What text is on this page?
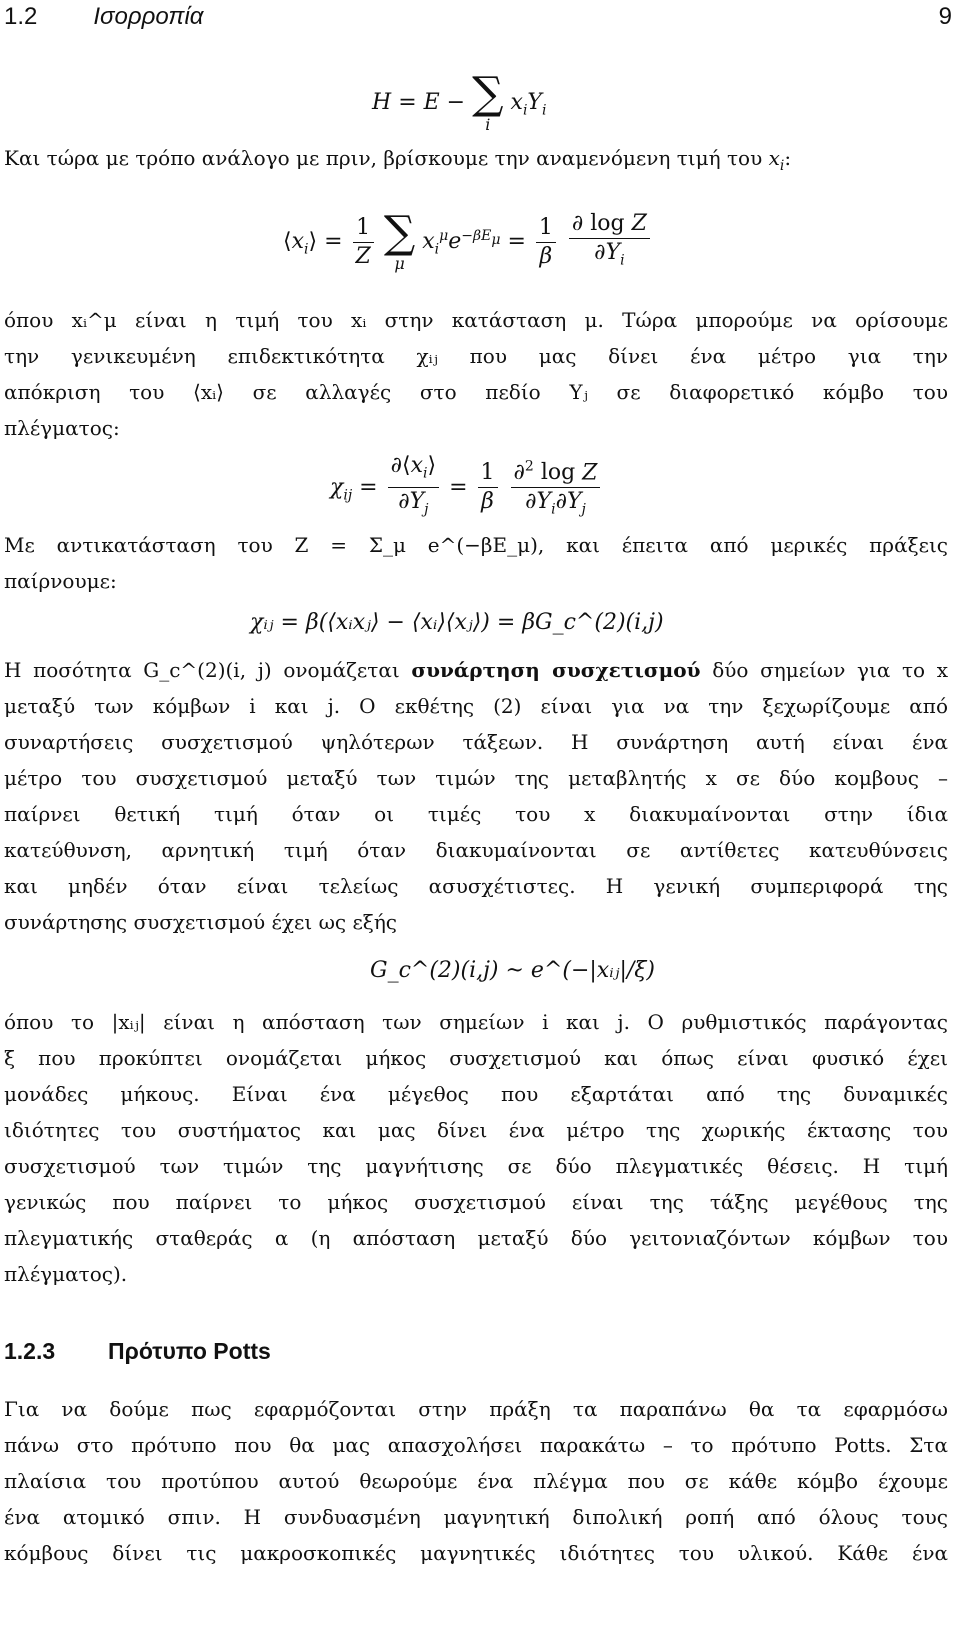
1.2 Ισορροπία	9
H = E − ∑
i
$x_iY_i$

Και τώρα με τρόπο ανάλογο με πριν, βρίσκουμε την αναμενόμενη τιμή του $x_i$:

$⟨x_i⟩ = \frac{1}{Z}$
∑
μ
$x_i^\mu e^{-\beta E_\mu} = \frac{1}{\beta}$
$\frac{\text{∂ log Z}}{\partial Y_i}$
όπου xᵢ^μ είναι η τιμή του xᵢ στην κατάσταση μ. Τώρα μπορούμε να ορίσουμε
την γενικευμένη επιδεκτικότητα χᵢⱼ που μας δίνει ένα μέτρο για την
απόκριση του ⟨xᵢ⟩ σε αλλαγές στο πεδίο Yⱼ σε διαφορετικό κόμβο του
πλέγματος:
$\chi_{ij} = \frac{\partial⟨x_i⟩}{\partial Y_j} = \frac{1}{\beta}$
$\frac{\partial^2 \log Z}{\partial Y_i\partial Y_j}$
Με αντικατάσταση του Z = Σ_μ e^(−βE_μ), και έπειτα από μερικές πράξεις
παίρνουμε:
χᵢⱼ = β(⟨xᵢxⱼ⟩ − ⟨xᵢ⟩⟨xⱼ⟩) = βG_c^(2)(i,j)
Η ποσότητα G_c^(2)(i, j) ονομάζεται συνάρτηση συσχετισμού δύο σημείων για το x
μεταξύ των κόμβων i και j. Ο εκθέτης (2) είναι για να την ξεχωρίζουμε από
συναρτήσεις συσχετισμού ψηλότερων τάξεων. Η συνάρτηση αυτή είναι ένα
μέτρο του συσχετισμού μεταξύ των τιμών της μεταβλητής x σε δύο κομβους –
παίρνει θετική τιμή όταν οι τιμές του x διακυμαίνονται στην ίδια
κατεύθυνση, αρνητική τιμή όταν διακυμαίνονται σε αντίθετες κατευθύνσεις
και μηδέν όταν είναι τελείως ασυσχέτιστες. Η γενική συμπεριφορά της
συνάρτησης συσχετισμού έχει ως εξής
G_c^(2)(i,j) ~ e^(−|xᵢⱼ|/ξ)
όπου το |xᵢⱼ| είναι η απόσταση των σημείων i και j. Ο ρυθμιστικός παράγοντας
ξ που προκύπτει ονομάζεται μήκος συσχετισμού και όπως είναι φυσικό έχει
μονάδες μήκους. Είναι ένα μέγεθος που εξαρτάται από της δυναμικές
ιδιότητες του συστήματος και μας δίνει ένα μέτρο της χωρικής έκτασης του
συσχετισμού των τιμών της μαγνήτισης σε δύο πλεγματικές θέσεις. Η τιμή
γενικώς που παίρνει το μήκος συσχετισμού είναι της τάξης μεγέθους της
πλεγματικής σταθεράς α (η απόσταση μεταξύ δύο γειτονιαζόντων κόμβων του
πλέγματος).
1.2.3 Πρότυπο Potts
Για να δούμε πως εφαρμόζονται στην πράξη τα παραπάνω θα τα εφαρμόσω
πάνω στο πρότυπο που θα μας απασχολήσει παρακάτω – το πρότυπο Potts. Στα
πλαίσια του προτύπου αυτού θεωρούμε ένα πλέγμα που σε κάθε κόμβο έχουμε
ένα ατομικό σπιν. Η συνδυασμένη μαγνητική διπολική ροπή από όλους τους
κόμβους δίνει τις μακροσκοπικές μαγνητικές ιδιότητες του υλικού. Κάθε ένα
